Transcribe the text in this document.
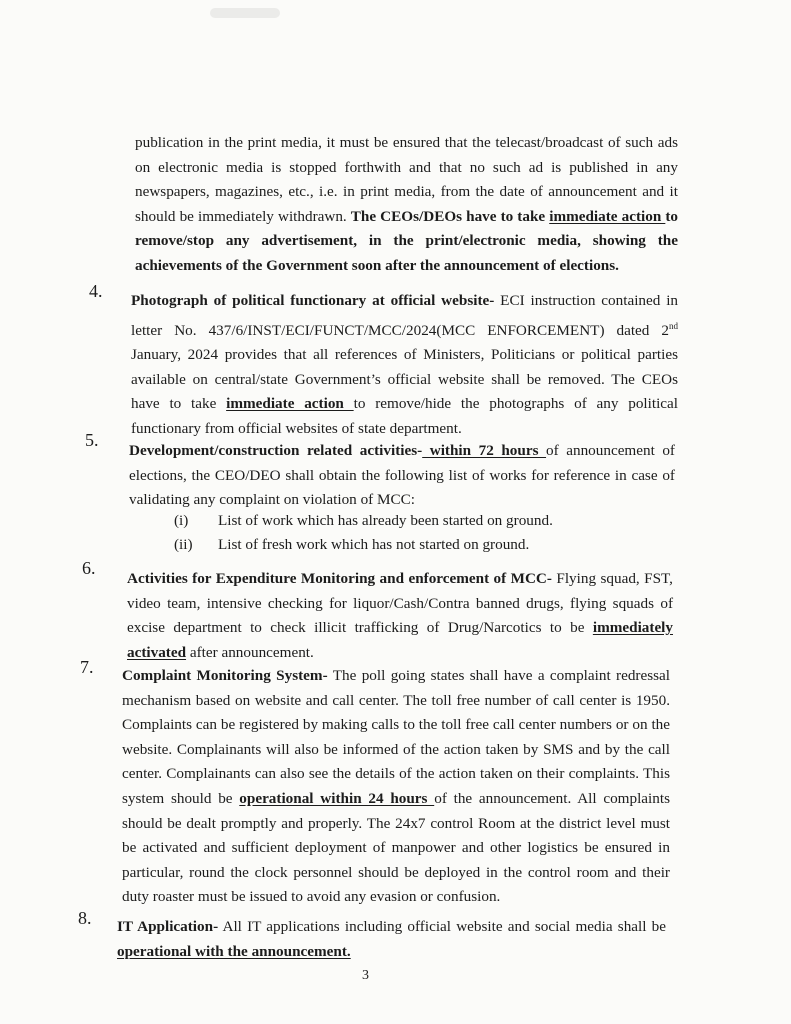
publication in the print media, it must be ensured that the telecast/broadcast of such ads on electronic media is stopped forthwith and that no such ad is published in any newspapers, magazines, etc., i.e. in print media, from the date of announcement and it should be immediately withdrawn. The CEOs/DEOs have to take immediate action to remove/stop any advertisement, in the print/electronic media, showing the achievements of the Government soon after the announcement of elections.
4. Photograph of political functionary at official website- ECI instruction contained in letter No. 437/6/INST/ECI/FUNCT/MCC/2024(MCC ENFORCEMENT) dated 2nd January, 2024 provides that all references of Ministers, Politicians or political parties available on central/state Government’s official website shall be removed. The CEOs have to take immediate action to remove/hide the photographs of any political functionary from official websites of state department.
5.
Development/construction related activities- within 72 hours of announcement of elections, the CEO/DEO shall obtain the following list of works for reference in case of validating any complaint on violation of MCC:
(i) List of work which has already been started on ground.
(ii) List of fresh work which has not started on ground.
6.
Activities for Expenditure Monitoring and enforcement of MCC- Flying squad, FST, video team, intensive checking for liquor/Cash/Contra banned drugs, flying squads of excise department to check illicit trafficking of Drug/Narcotics to be immediately activated after announcement.
7. Complaint Monitoring System- The poll going states shall have a complaint redressal mechanism based on website and call center. The toll free number of call center is 1950. Complaints can be registered by making calls to the toll free call center numbers or on the website. Complainants will also be informed of the action taken by SMS and by the call center. Complainants can also see the details of the action taken on their complaints. This system should be operational within 24 hours of the announcement. All complaints should be dealt promptly and properly. The 24x7 control Room at the district level must be activated and sufficient deployment of manpower and other logistics be ensured in particular, round the clock personnel should be deployed in the control room and their duty roaster must be issued to avoid any evasion or confusion.
8. IT Application- All IT applications including official website and social media shall be operational with the announcement.
3
